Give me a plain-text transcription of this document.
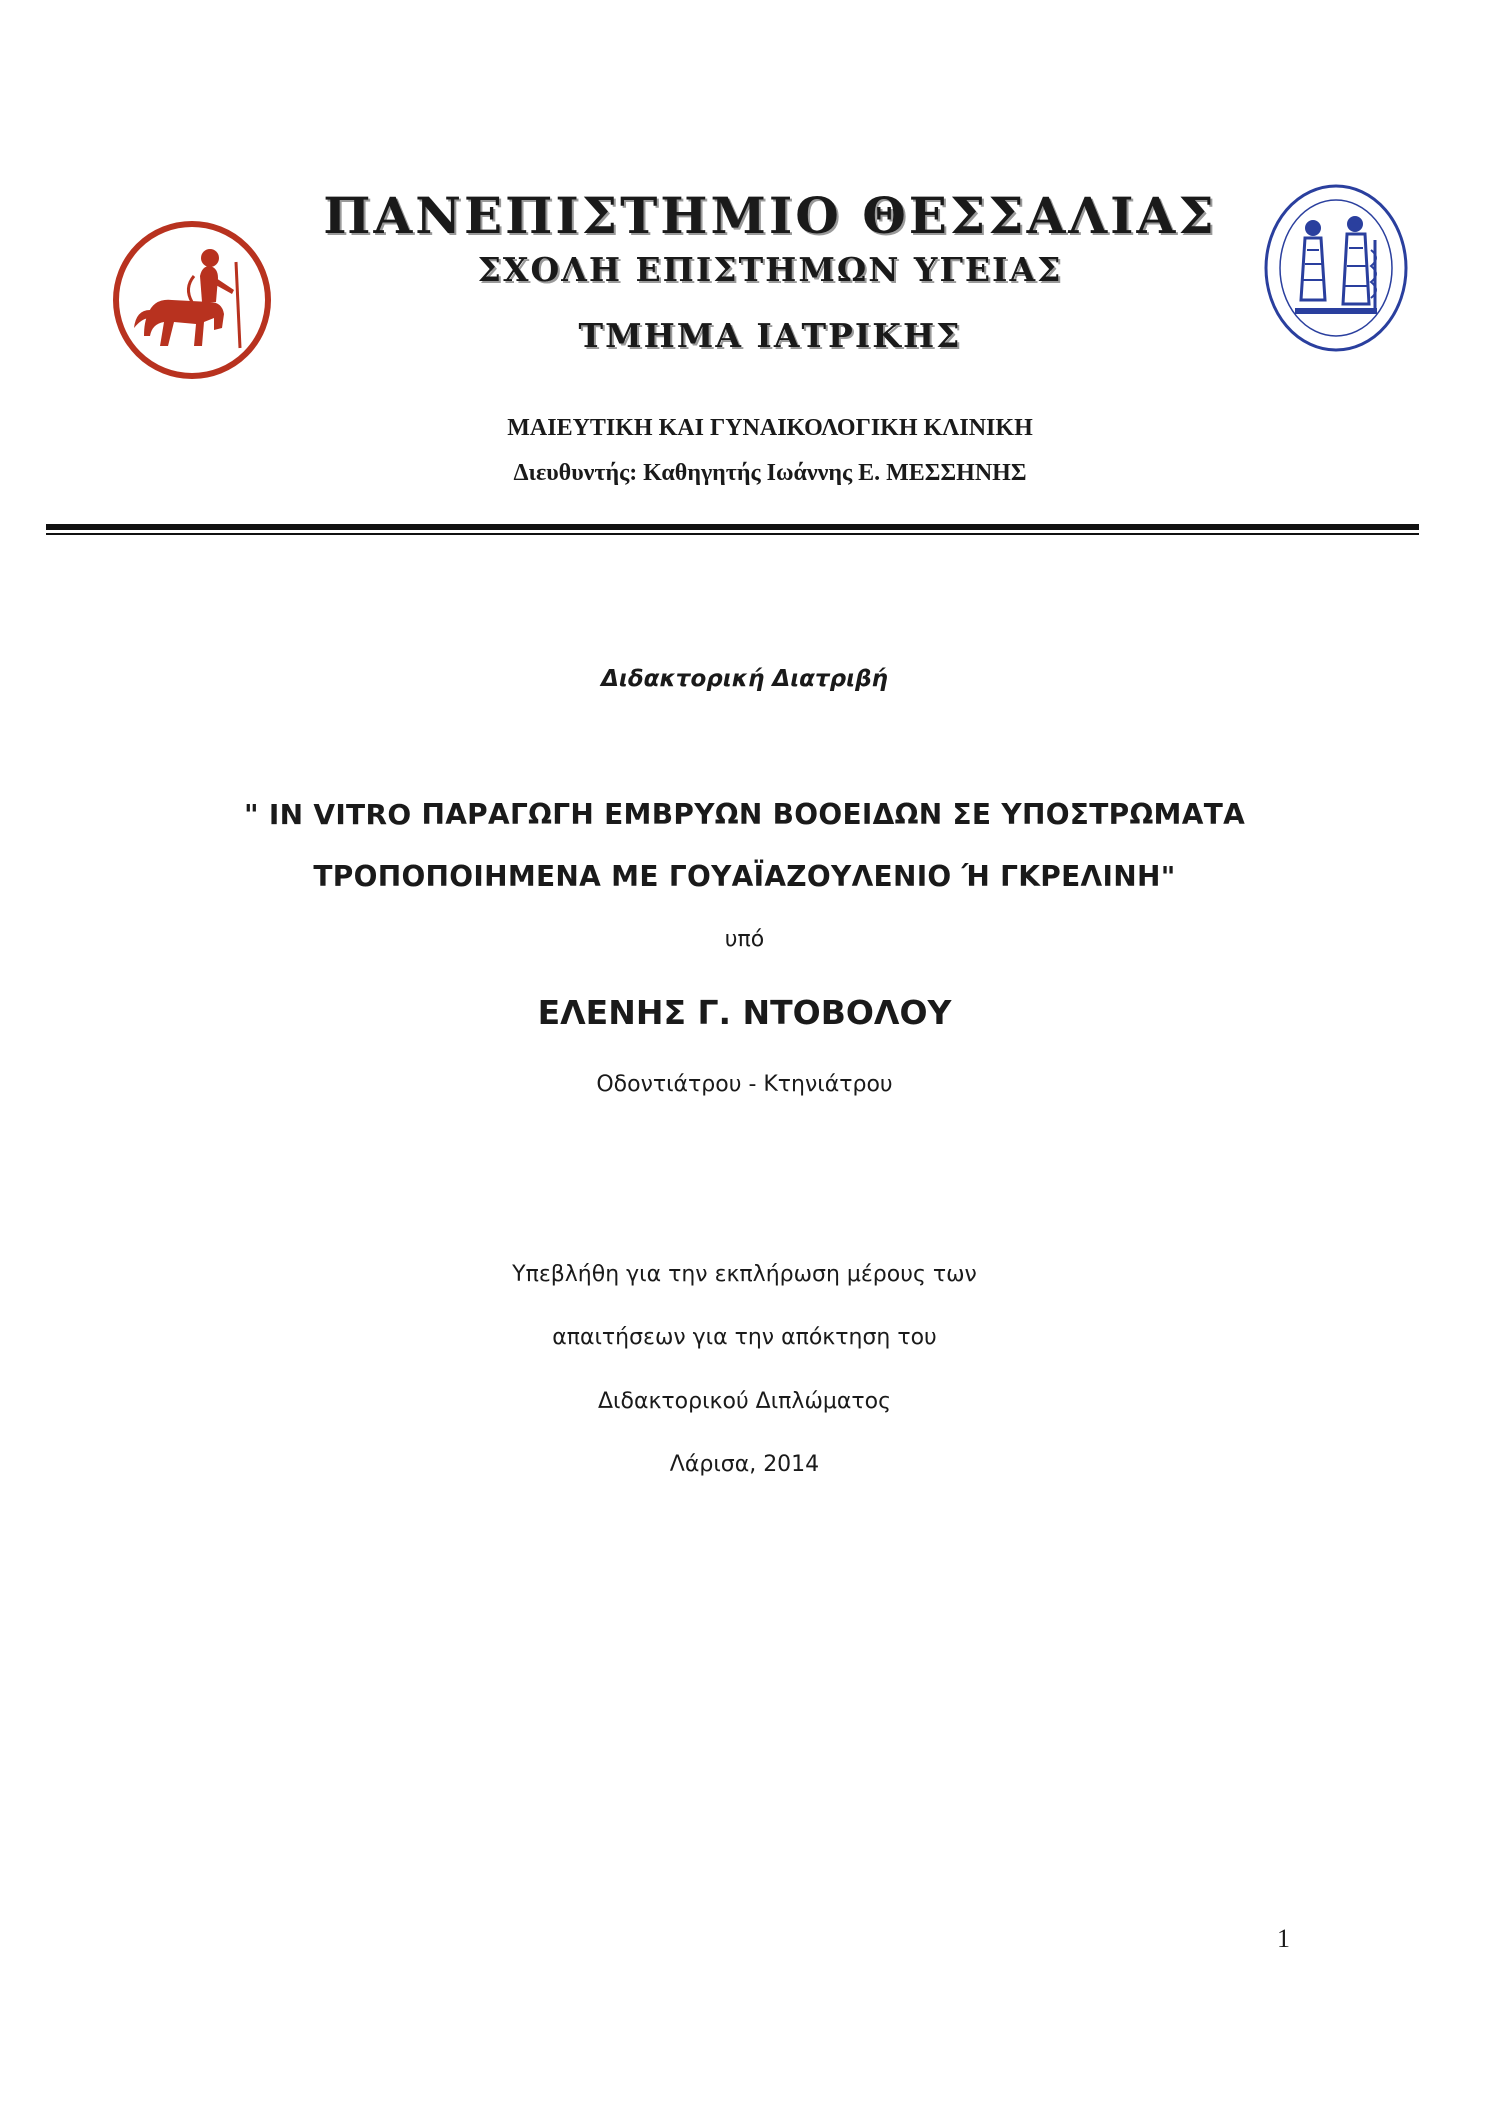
ΠΑΝΕΠΙΣΤΗΜΙΟ ΘΕΣΣΑΛΙΑΣ
ΣΧΟΛΗ ΕΠΙΣΤΗΜΩΝ ΥΓΕΙΑΣ
ΤΜΗΜΑ ΙΑΤΡΙΚΗΣ
ΜΑΙΕΥΤΙΚΗ ΚΑΙ ΓΥΝΑΙΚΟΛΟΓΙΚΗ ΚΛΙΝΙΚΗ
Διευθυντής: Καθηγητής Ιωάννης Ε. ΜΕΣΣΗΝΗΣ
Διδακτορική Διατριβή
" IN VITRO ΠΑΡΑΓΩΓΗ ΕΜΒΡΥΩΝ ΒΟΟΕΙΔΩΝ ΣΕ ΥΠΟΣΤΡΩΜΑΤΑ
ΤΡΟΠΟΠΟΙΗΜΕΝΑ ΜΕ ΓΟΥΑΪΑΖΟΥΛΕΝΙΟ Ή ΓΚΡΕΛΙΝΗ"
υπό
ΕΛΕΝΗΣ Γ. ΝΤΟΒΟΛΟΥ
Οδοντιάτρου - Κτηνιάτρου
Υπεβλήθη για την εκπλήρωση μέρους των
απαιτήσεων για την απόκτηση του
Διδακτορικού Διπλώματος
Λάρισα, 2014
1
